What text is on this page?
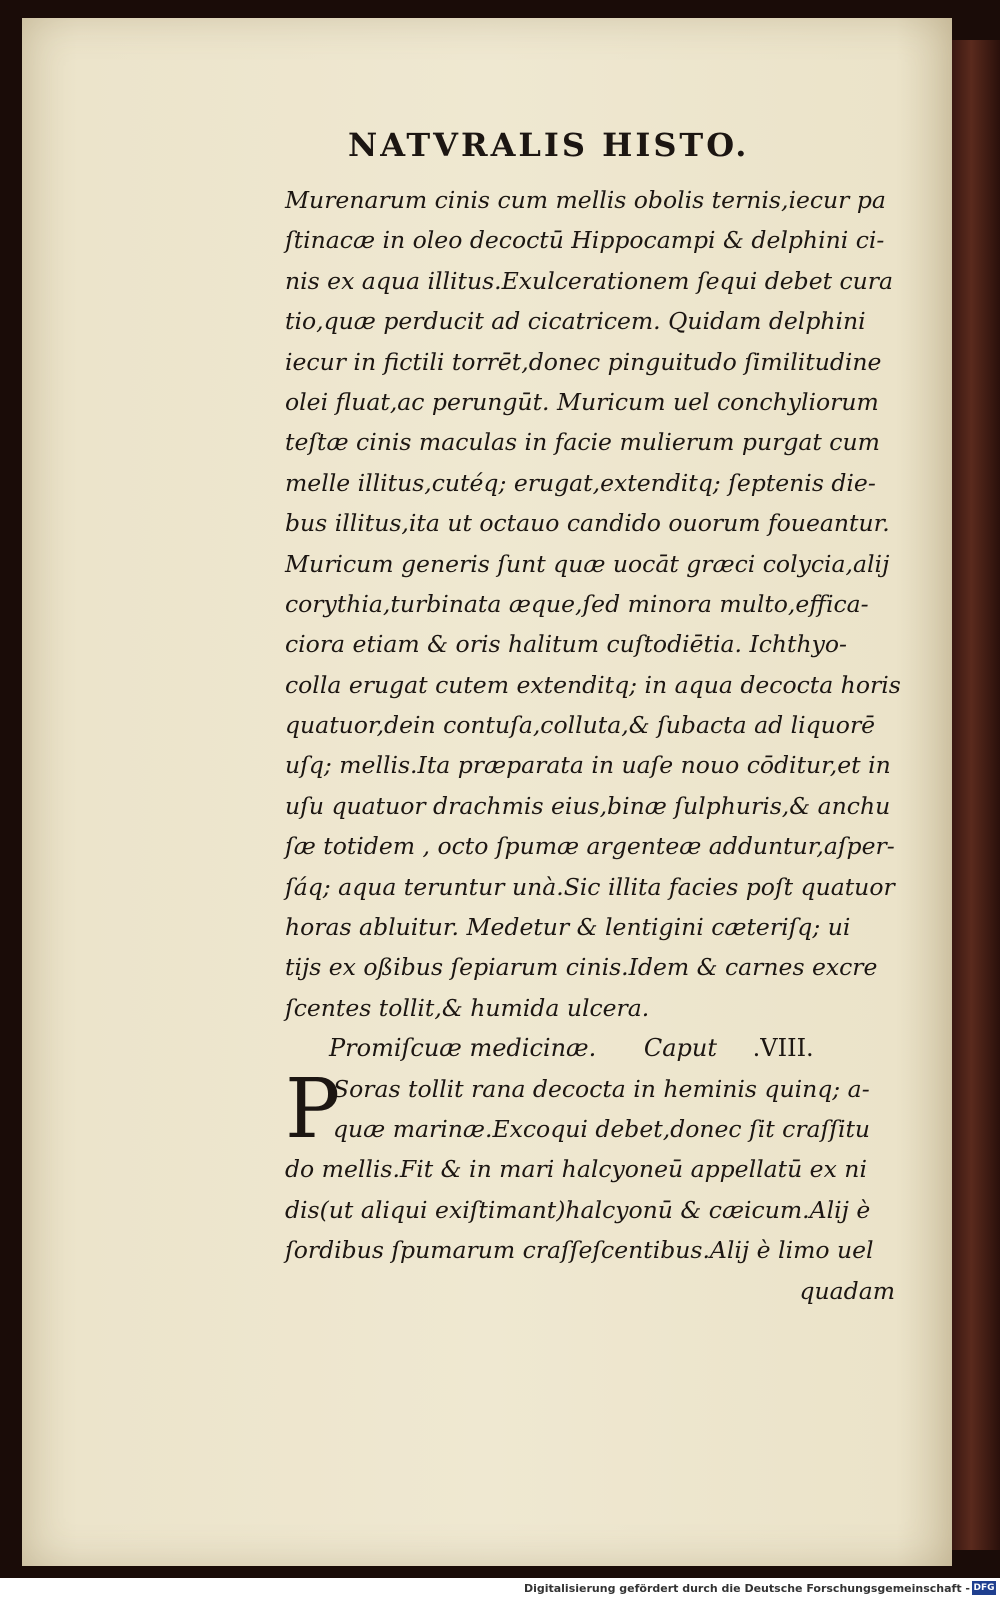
NATVRALIS HISTO.
Murenarum cinis cum mellis obolis ternis,iecur pa
ſtinacæ in oleo decoctū Hippocampi & delphini ci-
nis ex aqua illitus.Exulcerationem ſequi debet cura
tio,quæ perducit ad cicatricem. Quidam delphini
iecur in fictili torrēt,donec pinguitudo ſimilitudine
olei fluat,ac perungūt. Muricum uel conchyliorum
teſtæ cinis maculas in facie mulierum purgat cum
melle illitus,cutéq; erugat,extenditq; ſeptenis die-
bus illitus,ita ut octauo candido ouorum foueantur.
Muricum generis ſunt quæ uocāt græci colycia,alij
corythia,turbinata æque,ſed minora multo,effica-
ciora etiam & oris halitum cuſtodiētia. Ichthyo-
colla erugat cutem extenditq; in aqua decocta horis
quatuor,dein contuſa,colluta,& ſubacta ad liquorē
uſq; mellis.Ita præparata in uaſe nouo cōditur,et in
uſu quatuor drachmis eius,binæ ſulphuris,& anchu
ſæ totidem , octo ſpumæ argenteæ adduntur,aſper-
ſáq; aqua teruntur unà.Sic illita facies poſt quatuor
horas abluitur. Medetur & lentigini cæteriſq; ui
tijs ex oßibus ſepiarum cinis.Idem & carnes excre
ſcentes tollit,& humida ulcera.
Promiſcuæ medicinæ. Caput .VIII.
P
Soras tollit rana decocta in heminis quinq; a-
quæ marinæ.Excoqui debet,donec ſit craſſitu
do mellis.Fit & in mari halcyoneū appellatū ex ni
dis(ut aliqui exiſtimant)halcyonū & cæicum.Alij è
ſordibus ſpumarum craſſeſcentibus.Alij è limo uel
quadam
Digitalisierung gefördert durch die Deutsche Forschungsgemeinschaft - DFG
